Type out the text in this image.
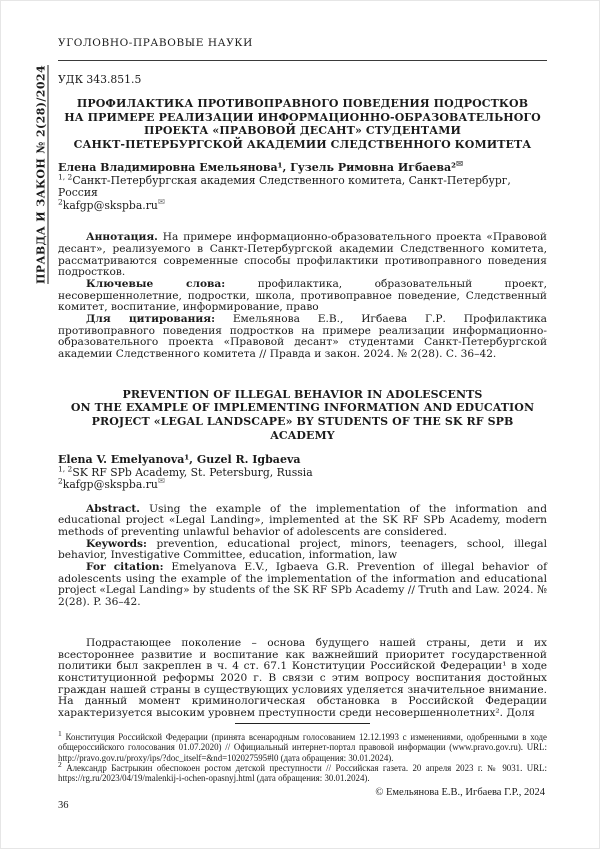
УГОЛОВНО-ПРАВОВЫЕ НАУКИ
ПРАВДА И ЗАКОН № 2(28)/2024 УДК 343.851.5
ПРОФИЛАКТИКА ПРОТИВОПРАВНОГО ПОВЕДЕНИЯ ПОДРОСТКОВ
НА ПРИМЕРЕ РЕАЛИЗАЦИИ ИНФОРМАЦИОННО-ОБРАЗОВАТЕЛЬНОГО
ПРОЕКТА «ПРАВОВОЙ ДЕСАНТ» СТУДЕНТАМИ
САНКТ-ПЕТЕРБУРГСКОЙ АКАДЕМИИ СЛЕДСТВЕННОГО КОМИТЕТА
Елена Владимировна Емельянова¹, Гузель Римовна Игбаева²✉
$^{1, 2}$Санкт-Петербургская академия Следственного комитета, Санкт-Петербург, Россия
$^2$kafgp@skspba.ru✉

Аннотация. На примере информационно-образовательного проекта «Правовой десант», реализуемого в Санкт-Петербургской академии Следственного комитета, рассматриваются современные способы профилактики противоправного поведения подростков.

Ключевые слова:	профилактика, образовательный проект, несовершеннолетние, подростки, школа, противоправное поведение, Следственный комитет, воспитание, информирование, право

Для цитирования: Емельянова Е.В., Игбаева Г.Р. Профилактика противоправного поведения подростков на примере реализации информационно-образовательного проекта «Правовой десант» студентами Санкт-Петербургской академии Следственного комитета // Правда и закон. 2024. № 2(28). С. 36–42.

PREVENTION OF ILLEGAL BEHAVIOR IN ADOLESCENTS
ON THE EXAMPLE OF IMPLEMENTING INFORMATION AND EDUCATION
PROJECT «LEGAL LANDSCAPE» BY STUDENTS OF THE SK RF SPB ACADEMY
Elena V. Emelyanova¹, Guzel R. Igbaeva
$^{1, 2}$SK RF SPb Academy, St. Petersburg, Russia
$^2$kafgp@skspba.ru✉

Abstract. Using the example of the implementation of the information and educational project «Legal Landing», implemented at the SK RF SPb Academy, modern methods of preventing unlawful behavior of adolescents are considered.

Keywords: prevention, educational project, minors, teenagers, school, illegal behavior, Investigative Committee, education, information, law

For citation: Emelyanova E.V., Igbaeva G.R. Prevention of illegal behavior of adolescents using the example of the implementation of the information and educational project «Legal Landing» by students of the SK RF SPb Academy // Truth and Law. 2024. № 2(28). P. 36–42.

Подрастающее поколение – основа будущего нашей страны, дети и их всестороннее развитие и воспитание как важнейший приоритет государственной политики был закреплен в ч. 4 ст. 67.1 Конституции Российской Федерации¹ в ходе конституционной реформы 2020 г. В связи с этим вопросу воспитания достойных граждан нашей страны в существующих условиях уделяется значительное внимание. На данный момент криминологическая обстановка в Российской Федерации характеризуется высоким уровнем преступности среди несовершеннолетних². Доля

$^1$ Конституция Российской Федерации (принята всенародным голосованием 12.12.1993 с изменениями, одобренными в ходе общероссийского голосования 01.07.2020) // Официальный интернет-портал правовой информации (www.pravo.gov.ru). URL: http://pravo.gov.ru/proxy/ips/?doc_itself=&nd=102027595#l0 (дата обращения: 30.01.2024).

$^2$ Александр Бастрыкин обеспокоен ростом детской преступности // Российская газета. 20 апреля 2023 г. № 9031. URL: https://rg.ru/2023/04/19/malenkij-i-ochen-opasnyj.html (дата обращения: 30.01.2024).

© Емельянова Е.В., Игбаева Г.Р., 2024
36
